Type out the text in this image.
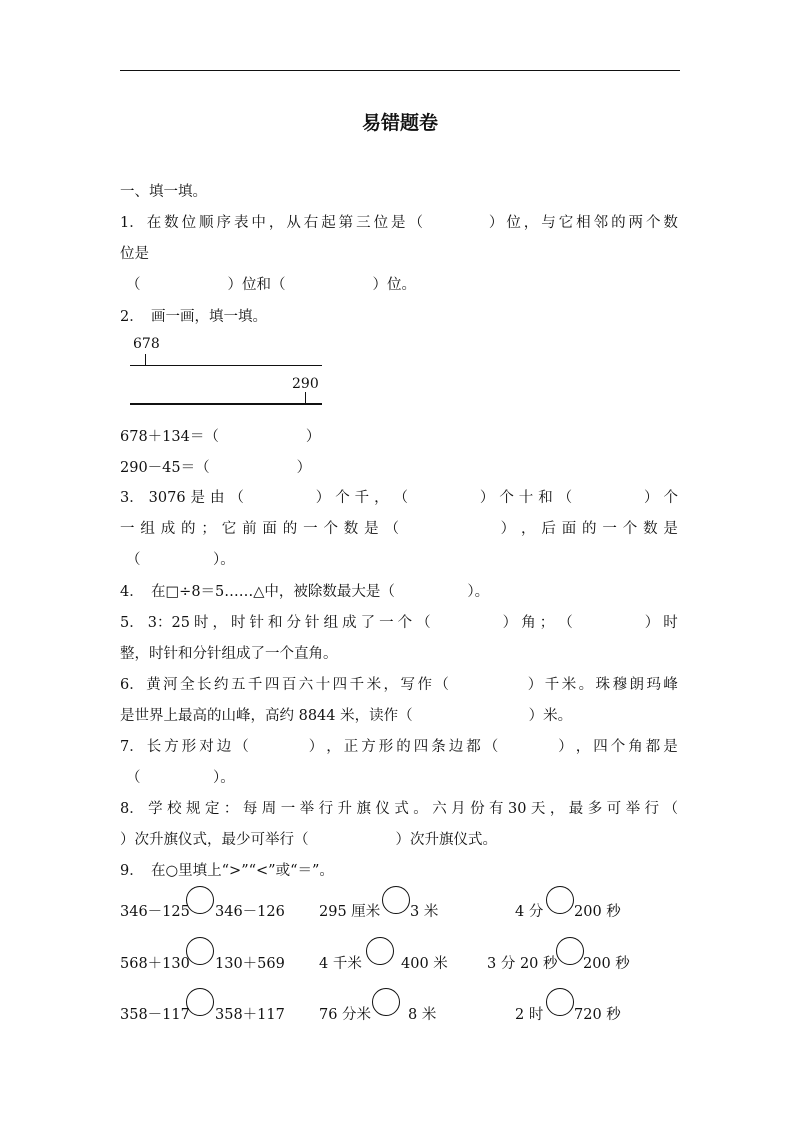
易错题卷
一、填一填。
1． 在 数 位 顺 序 表 中 ， 从 右 起 第 三 位 是 （	） 位 ， 与 它 相 邻 的 两 个 数
位是
（　　　　　　）位和（　　　　　　）位。
2．　画一画，填一填。
678
290
678＋134＝（　　　　　　）
290－45＝（　　　　　　）
3． 3076 是 由 （	） 个 千 ， （	） 个 十 和 （	） 个
一 组 成 的 ； 它 前 面 的 一 个 数 是 （	） ， 后 面 的 一 个 数 是
（　　　　　）。
4．　在□÷8＝5……△中，被除数最大是（　　　　　）。
5． 3：25 时 ， 时 针 和 分 针 组 成 了 一 个 （	） 角 ； （	） 时
整，时针和分针组成了一个直角。
6． 黄 河 全 长 约 五 千 四 百 六 十 四 千 米 ， 写 作 （	） 千 米 。 珠 穆 朗 玛 峰
是世界上最高的山峰，高约 8844 米，读作（　　　　　　　　）米。
7． 长 方 形 对 边 （	） ， 正 方 形 的 四 条 边 都 （	） ， 四 个 角 都 是
（　　　　　）。
8． 学 校 规 定 ： 每 周 一 举 行 升 旗 仪 式 。 六 月 份 有 30 天 ， 最 多 可 举 行 （
）次升旗仪式，最少可举行（　　　　　　）次升旗仪式。
9．　在○里填上“>”“<”或“＝”。
346－125 346－126 295 厘米 3 米	4 分 200 秒
568＋130 130＋569 4 千米	400 米	3 分 20 秒 200 秒
358－117 358＋117 76 分米	8 米	2 时 720 秒
